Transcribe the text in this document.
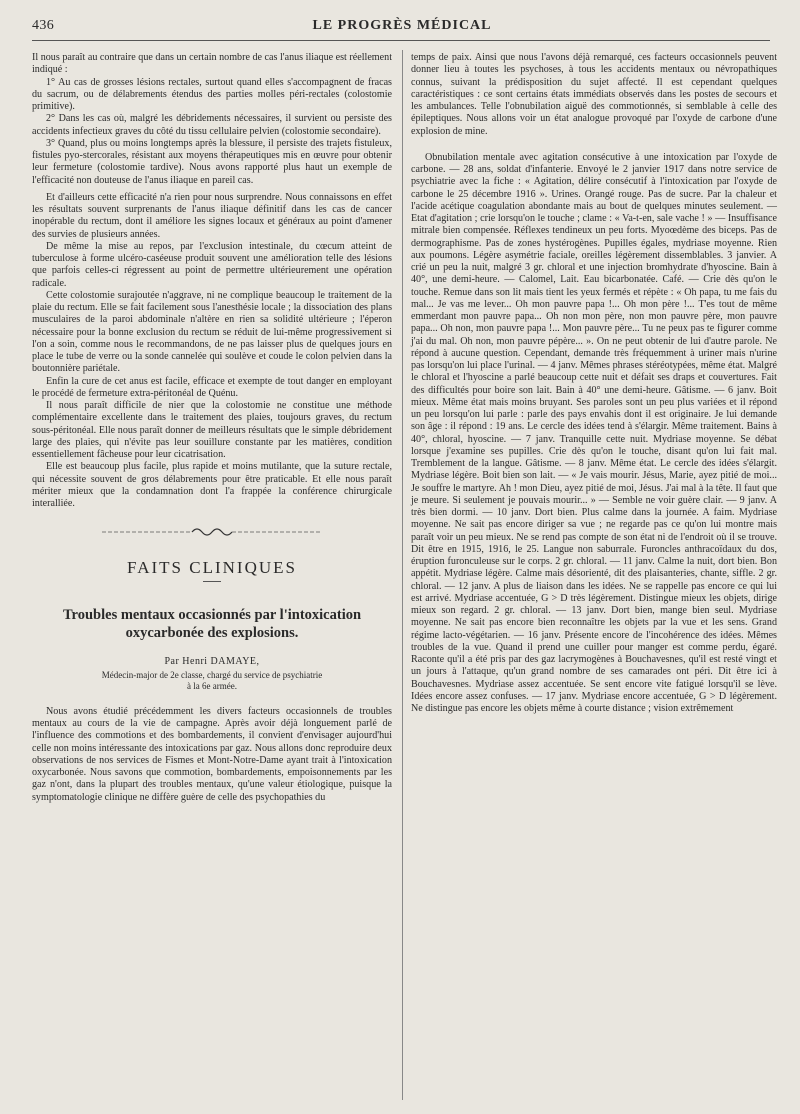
436	LE PROGRÈS MÉDICAL

Il nous paraît au contraire que dans un certain nombre de cas l'anus iliaque est réellement indiqué :

1° Au cas de grosses lésions rectales, surtout quand elles s'accompagnent de fracas du sacrum, ou de délabrements étendus des parties molles péri-rectales (colostomie primitive).

2° Dans les cas où, malgré les débridements nécessaires, il survient ou persiste des accidents infectieux graves du côté du tissu cellulaire pelvien (colostomie secondaire).

3° Quand, plus ou moins longtemps après la blessure, il persiste des trajets fistuleux, fistules pyo-stercorales, résistant aux moyens thérapeutiques mis en œuvre pour obtenir leur fermeture (colostomie tardive). Nous avons rapporté plus haut un exemple de l'efficacité non douteuse de l'anus iliaque en pareil cas.

Et d'ailleurs cette efficacité n'a rien pour nous surprendre. Nous connaissons en effet les résultats souvent surprenants de l'anus iliaque définitif dans les cas de cancer inopérable du rectum, dont il améliore les signes locaux et généraux au point d'amener des survies de plusieurs années.

De même la mise au repos, par l'exclusion intestinale, du cœcum atteint de tuberculose à forme ulcéro-caséeuse produit souvent une amélioration telle des lésions que parfois celles-ci régressent au point de permettre ultérieurement une opération radicale.

Cette colostomie surajoutée n'aggrave, ni ne complique beaucoup le traitement de la plaie du rectum. Elle se fait facilement sous l'anesthésie locale ; la dissociation des plans musculaires de la paroi abdominale n'altère en rien sa solidité ultérieure ; l'éperon nécessaire pour la bonne exclusion du rectum se réduit de lui-même progressivement si l'on a soin, comme nous le recommandons, de ne pas laisser plus de quelques jours en place le tube de verre ou la sonde cannelée qui soulève et coude le colon pelvien dans la boutonnière pariétale.

Enfin la cure de cet anus est facile, efficace et exempte de tout danger en employant le procédé de fermeture extra-péritonéal de Quénu.

Il nous paraît difficile de nier que la colostomie ne constitue une méthode complémentaire excellente dans le traitement des plaies, toujours graves, du rectum sous-péritonéal. Elle nous paraît donner de meilleurs résultats que le simple débridement large des plaies, qui n'évite pas leur souillure constante par les matières, condition essentiellement fâcheuse pour leur cicatrisation.

Elle est beaucoup plus facile, plus rapide et moins mutilante, que la suture rectale, qui nécessite souvent de gros délabrements pour être praticable. Et elle nous paraît mériter mieux que la condamnation dont l'a frappée la conférence chirurgicale interalliée.

FAITS CLINIQUES
Troubles mentaux occasionnés par l'intoxication oxycarbonée des explosions.
Par Henri DAMAYE,
Médecin-major de 2e classe, chargé du service de psychiatrie
à la 6e armée.

Nous avons étudié précédemment les divers facteurs occasionnels de troubles mentaux au cours de la vie de campagne. Après avoir déjà longuement parlé de l'influence des commotions et des bombardements, il convient d'envisager aujourd'hui celle non moins intéressante des intoxications par gaz. Nous allons donc reproduire deux observations de nos services de Fismes et Mont-Notre-Dame ayant trait à l'intoxication oxycarbonée. Nous savons que commotion, bombardements, empoisonnements par les gaz n'ont, dans la plupart des troubles mentaux, qu'une valeur étiologique, puisque la symptomatologie clinique ne diffère guère de celle des psychopathies du

temps de paix. Ainsi que nous l'avons déjà remarqué, ces facteurs occasionnels peuvent donner lieu à toutes les psychoses, à tous les accidents mentaux ou névropathiques connus, suivant la prédisposition du sujet affecté. Il est cependant quelques caractéristiques : ce sont certains états immédiats observés dans les postes de secours et les ambulances. Telle l'obnubilation aiguë des commotionnés, si semblable à celle des épileptiques. Nous allons voir un état analogue provoqué par l'oxyde de carbone d'une explosion de mine.

Obnubilation mentale avec agitation consécutive à une intoxication par l'oxyde de carbone. — 28 ans, soldat d'infanterie. Envoyé le 2 janvier 1917 dans notre service de psychiatrie avec la fiche : « Agitation, délire consécutif à l'intoxication par l'oxyde de carbone le 25 décembre 1916 ». Urines. Orangé rouge. Pas de sucre. Par la chaleur et l'acide acétique coagulation abondante mais au bout de quelques minutes seulement. — Etat d'agitation ; crie lorsqu'on le touche ; clame : « Va-t-en, sale vache ! » — Insuffisance mitrale bien compensée. Réflexes tendineux un peu forts. Myoœdème des biceps. Pas de dermographisme. Pas de zones hystérogènes. Pupilles égales, mydriase moyenne. Rien aux poumons. Légère asymétrie faciale, oreilles légèrement dissemblables. 3 janvier. A crié un peu la nuit, malgré 3 gr. chloral et une injection bromhydrate d'hyoscine. Bain à 40°, une demi-heure. — Calomel, Lait. Eau bicarbonatée. Café. — Crie dès qu'on le touche. Remue dans son lit mais tient les yeux fermés et répète : « Oh papa, tu me fais du mal... Je vas me lever... Oh mon pauvre papa !... Oh mon père !... T'es tout de même emmerdant mon pauvre papa... Oh non mon père, non mon pauvre père, mon pauvre papa... Oh non, mon pauvre papa !... Mon pauvre père... Tu ne peux pas te figurer comme j'ai du mal. Oh non, mon pauvre pépère... ». On ne peut obtenir de lui d'autre parole. Ne répond à aucune question. Cependant, demande très fréquemment à uriner mais n'urine pas lorsqu'on lui place l'urinal. — 4 janv. Mêmes phrases stéréotypées, même état. Malgré le chloral et l'hyoscine a parlé beaucoup cette nuit et défait ses draps et couvertures. Fait des difficultés pour boire son lait. Bain à 40° une demi-heure. Gâtisme. — 6 janv. Boit mieux. Même état mais moins bruyant. Ses paroles sont un peu plus variées et il répond un peu lorsqu'on lui parle : parle des pays envahis dont il est originaire. Je lui demande son âge : il répond : 19 ans. Le cercle des idées tend à s'élargir. Même traitement. Bains à 40°, chloral, hyoscine. — 7 janv. Tranquille cette nuit. Mydriase moyenne. Se débat lorsque j'examine ses pupilles. Crie dès qu'on le touche, disant qu'on lui fait mal. Tremblement de la langue. Gâtisme. — 8 janv. Même état. Le cercle des idées s'élargit. Mydriase légère. Boit bien son lait. — « Je vais mourir. Jésus, Marie, ayez pitié de moi... Je souffre le martyre. Ah ! mon Dieu, ayez pitié de moi, Jésus. J'ai mal à la tête. Il faut que je meure. Si seulement je pouvais mourir... » — Semble ne voir guère clair. — 9 janv. A très bien dormi. — 10 janv. Dort bien. Plus calme dans la journée. A faim. Mydriase moyenne. Ne sait pas encore diriger sa vue ; ne regarde pas ce qu'on lui montre mais paraît voir un peu mieux. Ne se rend pas compte de son état ni de l'endroit où il se trouve. Dit être en 1915, 1916, le 25. Langue non saburrale. Furoncles anthracoïdaux du dos, éruption furonculeuse sur le corps. 2 gr. chloral. — 11 janv. Calme la nuit, dort bien. Bon appétit. Mydriase légère. Calme mais désorienté, dit des plaisanteries, chante, siffle. 2 gr. chloral. — 12 janv. A plus de liaison dans les idées. Ne se rappelle pas encore ce qui lui est arrivé. Mydriase accentuée, G > D très légèrement. Distingue mieux les objets, dirige mieux son regard. 2 gr. chloral. — 13 janv. Dort bien, mange bien seul. Mydriase moyenne. Ne sait pas encore bien reconnaître les objets par la vue et les sens. Grand régime lacto-végétarien. — 16 janv. Présente encore de l'incohérence des idées. Mêmes troubles de la vue. Quand il prend une cuiller pour manger est comme perdu, égaré. Raconte qu'il a été pris par des gaz lacrymogènes à Bouchavesnes, qu'il est resté vingt et un jours à l'attaque, qu'un grand nombre de ses camarades ont péri. Dit être ici à Bouchavesnes. Mydriase assez accentuée. Se sent encore vite fatigué lorsqu'il se lève. Idées encore assez confuses. — 17 janv. Mydriase encore accentuée, G > D légèrement. Ne distingue pas encore les objets même à courte distance ; vision extrêmement
